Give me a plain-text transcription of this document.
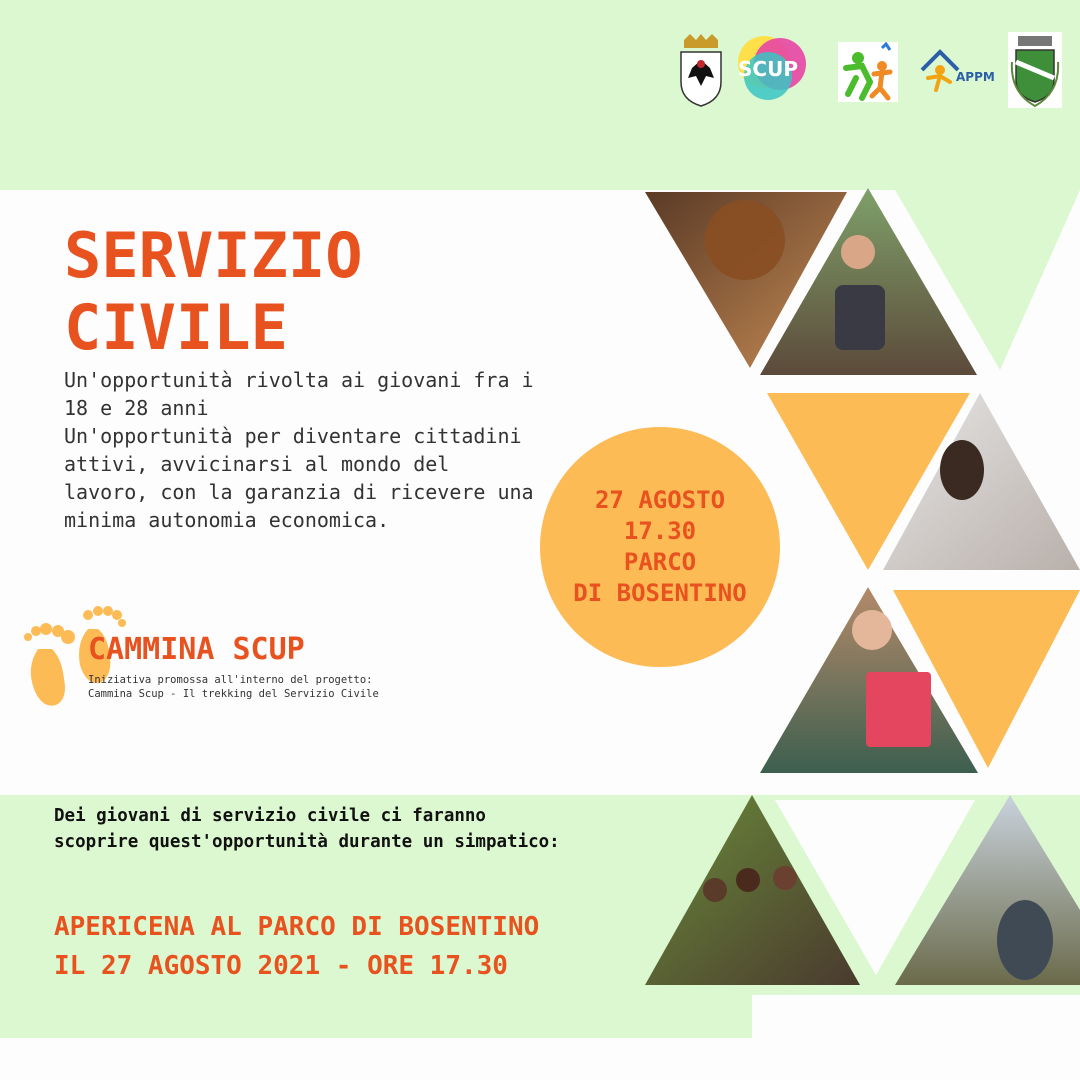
SCUP	APPM
SERVIZIO
CIVILE

Un'opportunità rivolta ai giovani fra i 18 e 28 anni

Un'opportunità per diventare cittadini attivi, avvicinarsi al mondo del lavoro, con la garanzia di ricevere una minima autonomia economica.

27 AGOSTO
17.30
PARCO
DI BOSENTINO
CAMMINA SCUP
Iniziativa promossa all'interno del progetto:
Cammina Scup - Il trekking del Servizio Civile

Dei giovani di servizio civile ci faranno scoprire quest'opportunità durante un simpatico:

APERICENA AL PARCO DI BOSENTINO
IL 27 AGOSTO 2021 - ORE 17.30
